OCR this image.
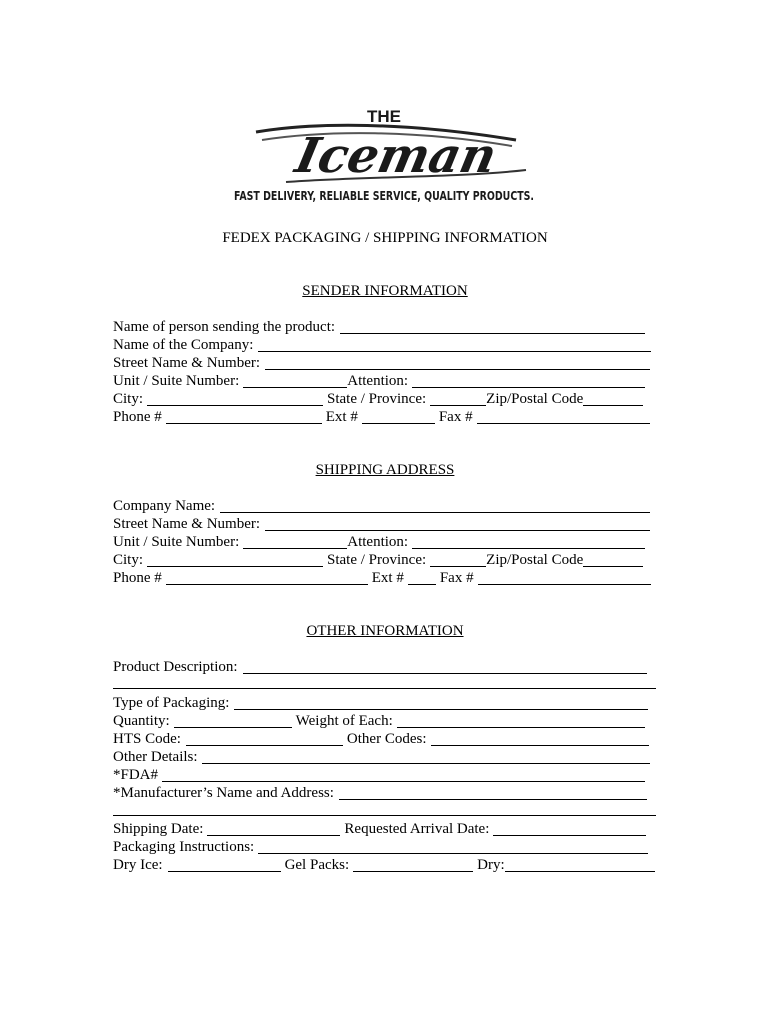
THE
Iceman
FAST DELIVERY, RELIABLE SERVICE, QUALITY PRODUCTS.
FEDEX PACKAGING / SHIPPING INFORMATION
SENDER INFORMATION
Name of person sending the product:
Name of the Company:
Street Name & Number:
Unit / Suite Number:	Attention:
City:	State / Province:	Zip/Postal Code
Phone #	Ext #	Fax #
SHIPPING ADDRESS
Company Name:
Street Name & Number:
Unit / Suite Number:	Attention:
City:	State / Province:	Zip/Postal Code
Phone #	Ext # Fax #
OTHER INFORMATION
Product Description:
Type of Packaging:
Quantity:	Weight of Each:
HTS Code:	Other Codes:
Other Details:
*FDA#
*Manufacturer’s Name and Address:
Shipping Date:	Requested Arrival Date:
Packaging Instructions:
Dry Ice:	Gel Packs:	Dry:
